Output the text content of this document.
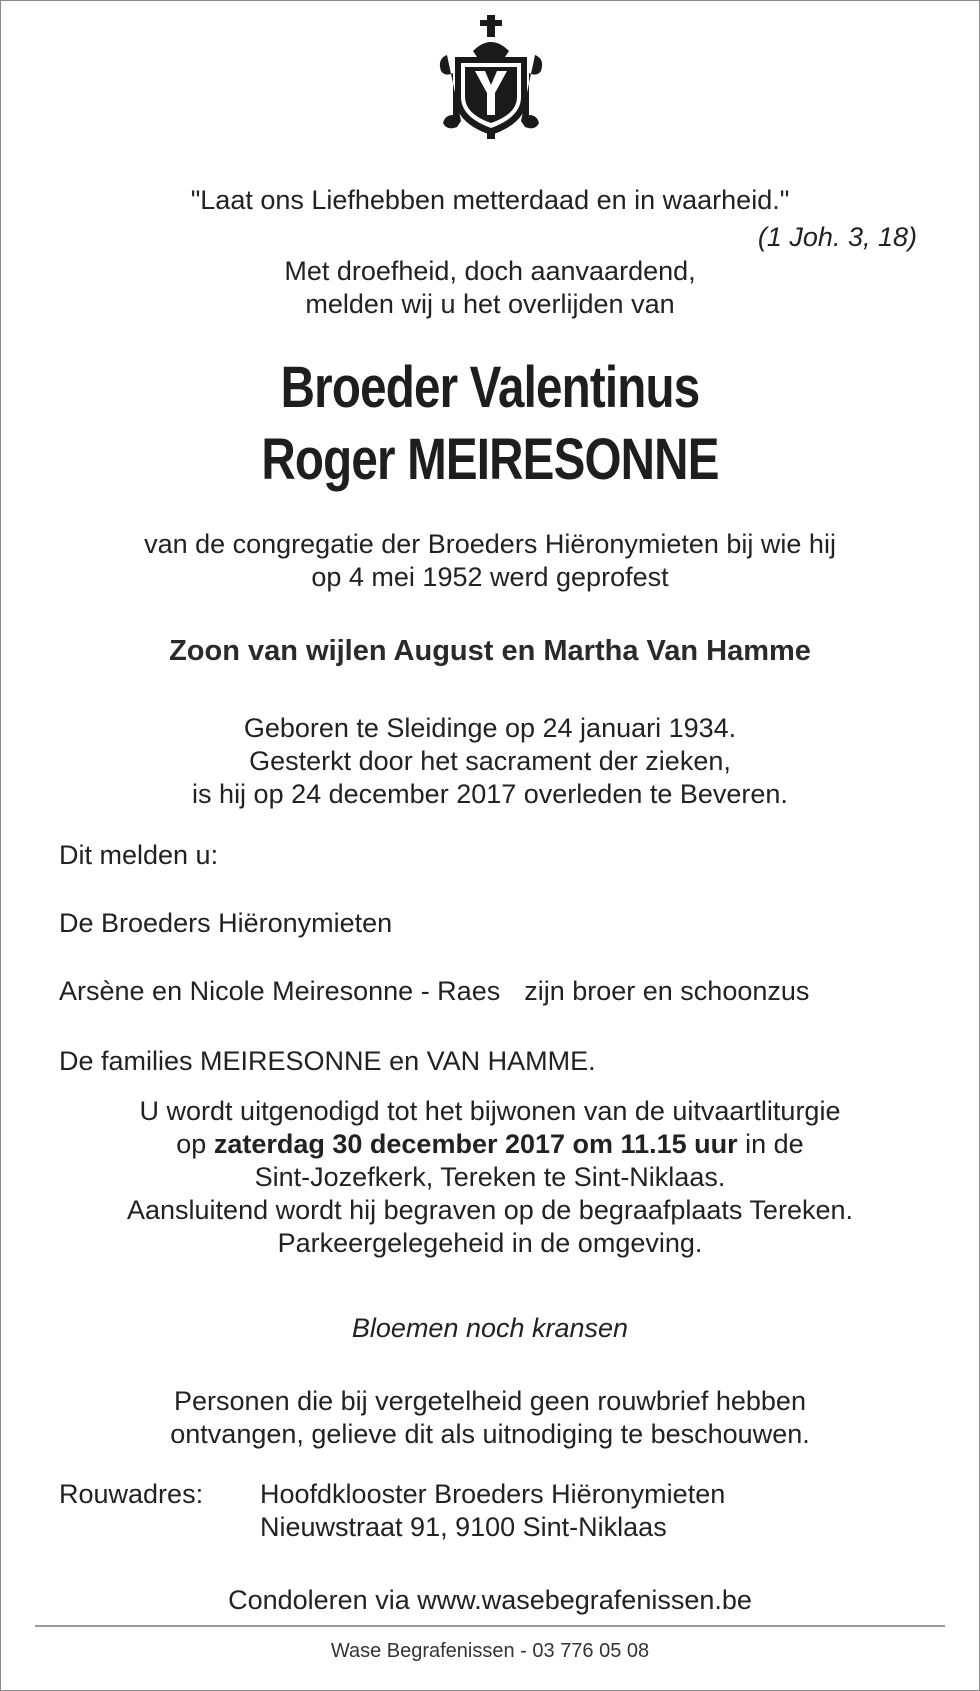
"Laat ons Liefhebben metterdaad en in waarheid."
(1 Joh. 3, 18)
Met droefheid, doch aanvaardend,
melden wij u het overlijden van
Broeder Valentinus
Roger MEIRESONNE
van de congregatie der Broeders Hiëronymieten bij wie hij
op 4 mei 1952 werd geprofest
Zoon van wijlen August en Martha Van Hamme
Geboren te Sleidinge op 24 januari 1934.
Gesterkt door het sacrament der zieken,
is hij op 24 december 2017 overleden te Beveren.
Dit melden u:
De Broeders Hiëronymieten
Arsène en Nicole Meiresonne - Raes zijn broer en schoonzus
De families MEIRESONNE en VAN HAMME.
U wordt uitgenodigd tot het bijwonen van de uitvaartliturgie
op zaterdag 30 december 2017 om 11.15 uur in de
Sint-Jozefkerk, Tereken te Sint-Niklaas.
Aansluitend wordt hij begraven op de begraafplaats Tereken.
Parkeergelegeheid in de omgeving.
Bloemen noch kransen
Personen die bij vergetelheid geen rouwbrief hebben
ontvangen, gelieve dit als uitnodiging te beschouwen.
Rouwadres:	Hoofdklooster Broeders Hiëronymieten
Nieuwstraat 91, 9100 Sint-Niklaas
Condoleren via www.wasebegrafenissen.be
Wase Begrafenissen - 03 776 05 08
